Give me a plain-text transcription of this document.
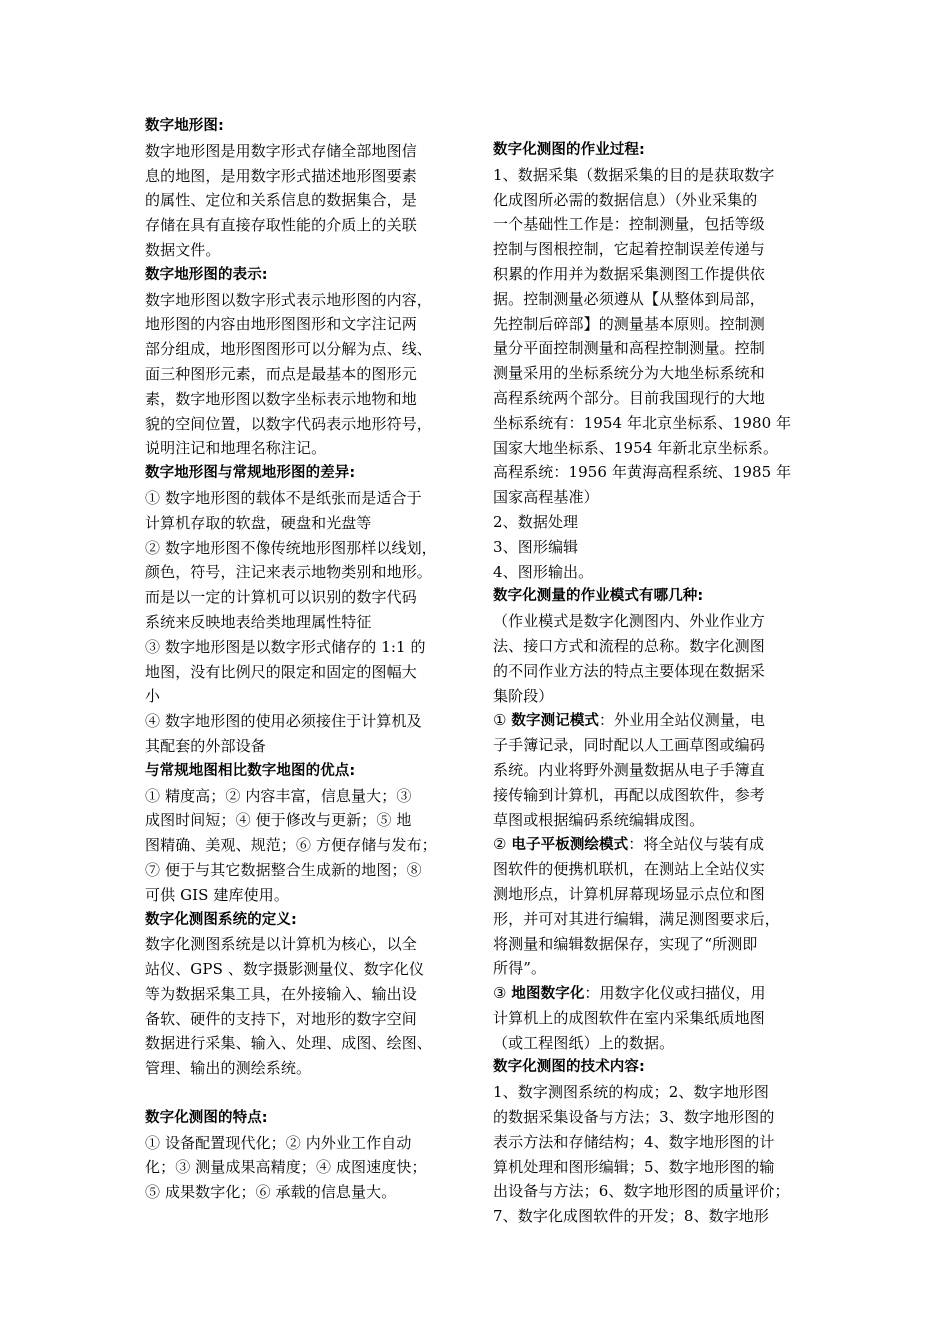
数字地形图:
数字地形图是用数字形式存储全部地图信
息的地图，是用数字形式描述地形图要素
的属性、定位和关系信息的数据集合，是
存储在具有直接存取性能的介质上的关联
数据文件。
数字地形图的表示:
数字地形图以数字形式表示地形图的内容，
地形图的内容由地形图图形和文字注记两
部分组成，地形图图形可以分解为点、线、
面三种图形元素，而点是最基本的图形元
素，数字地形图以数字坐标表示地物和地
貌的空间位置，以数字代码表示地形符号，
说明注记和地理名称注记。
数字地形图与常规地形图的差异:
① 数字地形图的载体不是纸张而是适合于
计算机存取的软盘，硬盘和光盘等
② 数字地形图不像传统地形图那样以线划，
颜色，符号，注记来表示地物类别和地形。
而是以一定的计算机可以识别的数字代码
系统来反映地表给类地理属性特征
③ 数字地形图是以数字形式储存的 1:1 的
地图，没有比例尺的限定和固定的图幅大
小
④ 数字地形图的使用必须接住于计算机及
其配套的外部设备
与常规地图相比数字地图的优点:
① 精度高；② 内容丰富，信息量大；③
成图时间短；④ 便于修改与更新；⑤ 地
图精确、美观、规范；⑥ 方便存储与发布；
⑦ 便于与其它数据整合生成新的地图；⑧
可供 GIS 建库使用。
数字化测图系统的定义:
数字化测图系统是以计算机为核心，以全
站仪、GPS 、数字摄影测量仪、数字化仪
等为数据采集工具，在外接输入、输出设
备软、硬件的支持下，对地形的数字空间
数据进行采集、输入、处理、成图、绘图、
管理、输出的测绘系统。
数字化测图的特点:
① 设备配置现代化；② 内外业工作自动
化；③ 测量成果高精度；④ 成图速度快；
⑤ 成果数字化；⑥ 承载的信息量大。
数字化测图的作业过程:
1、数据采集（数据采集的目的是获取数字
化成图所必需的数据信息）（外业采集的
一个基础性工作是：控制测量，包括等级
控制与图根控制，它起着控制误差传递与
积累的作用并为数据采集测图工作提供依
据。控制测量必须遵从【从整体到局部，
先控制后碎部】的测量基本原则。控制测
量分平面控制测量和高程控制测量。控制
测量采用的坐标系统分为大地坐标系统和
高程系统两个部分。目前我国现行的大地
坐标系统有：1954 年北京坐标系、1980 年
国家大地坐标系、1954 年新北京坐标系。
高程系统：1956 年黄海高程系统、1985 年
国家高程基准）
2、数据处理
3、图形编辑
4、图形输出。
数字化测量的作业模式有哪几种:
（作业模式是数字化测图内、外业作业方
法、接口方式和流程的总称。数字化测图
的不同作业方法的特点主要体现在数据采
集阶段）
① 数字测记模式：外业用全站仪测量，电
子手簿记录，同时配以人工画草图或编码
系统。内业将野外测量数据从电子手簿直
接传输到计算机，再配以成图软件，参考
草图或根据编码系统编辑成图。
② 电子平板测绘模式：将全站仪与装有成
图软件的便携机联机，在测站上全站仪实
测地形点，计算机屏幕现场显示点位和图
形，并可对其进行编辑，满足测图要求后，
将测量和编辑数据保存，实现了“所测即
所得”。
③ 地图数字化：用数字化仪或扫描仪，用
计算机上的成图软件在室内采集纸质地图
（或工程图纸）上的数据。
数字化测图的技术内容:
1、数字测图系统的构成；2、数字地形图
的数据采集设备与方法；3、数字地形图的
表示方法和存储结构；4、数字地形图的计
算机处理和图形编辑；5、数字地形图的输
出设备与方法；6、数字地形图的质量评价；
7、数字化成图软件的开发；8、数字地形
